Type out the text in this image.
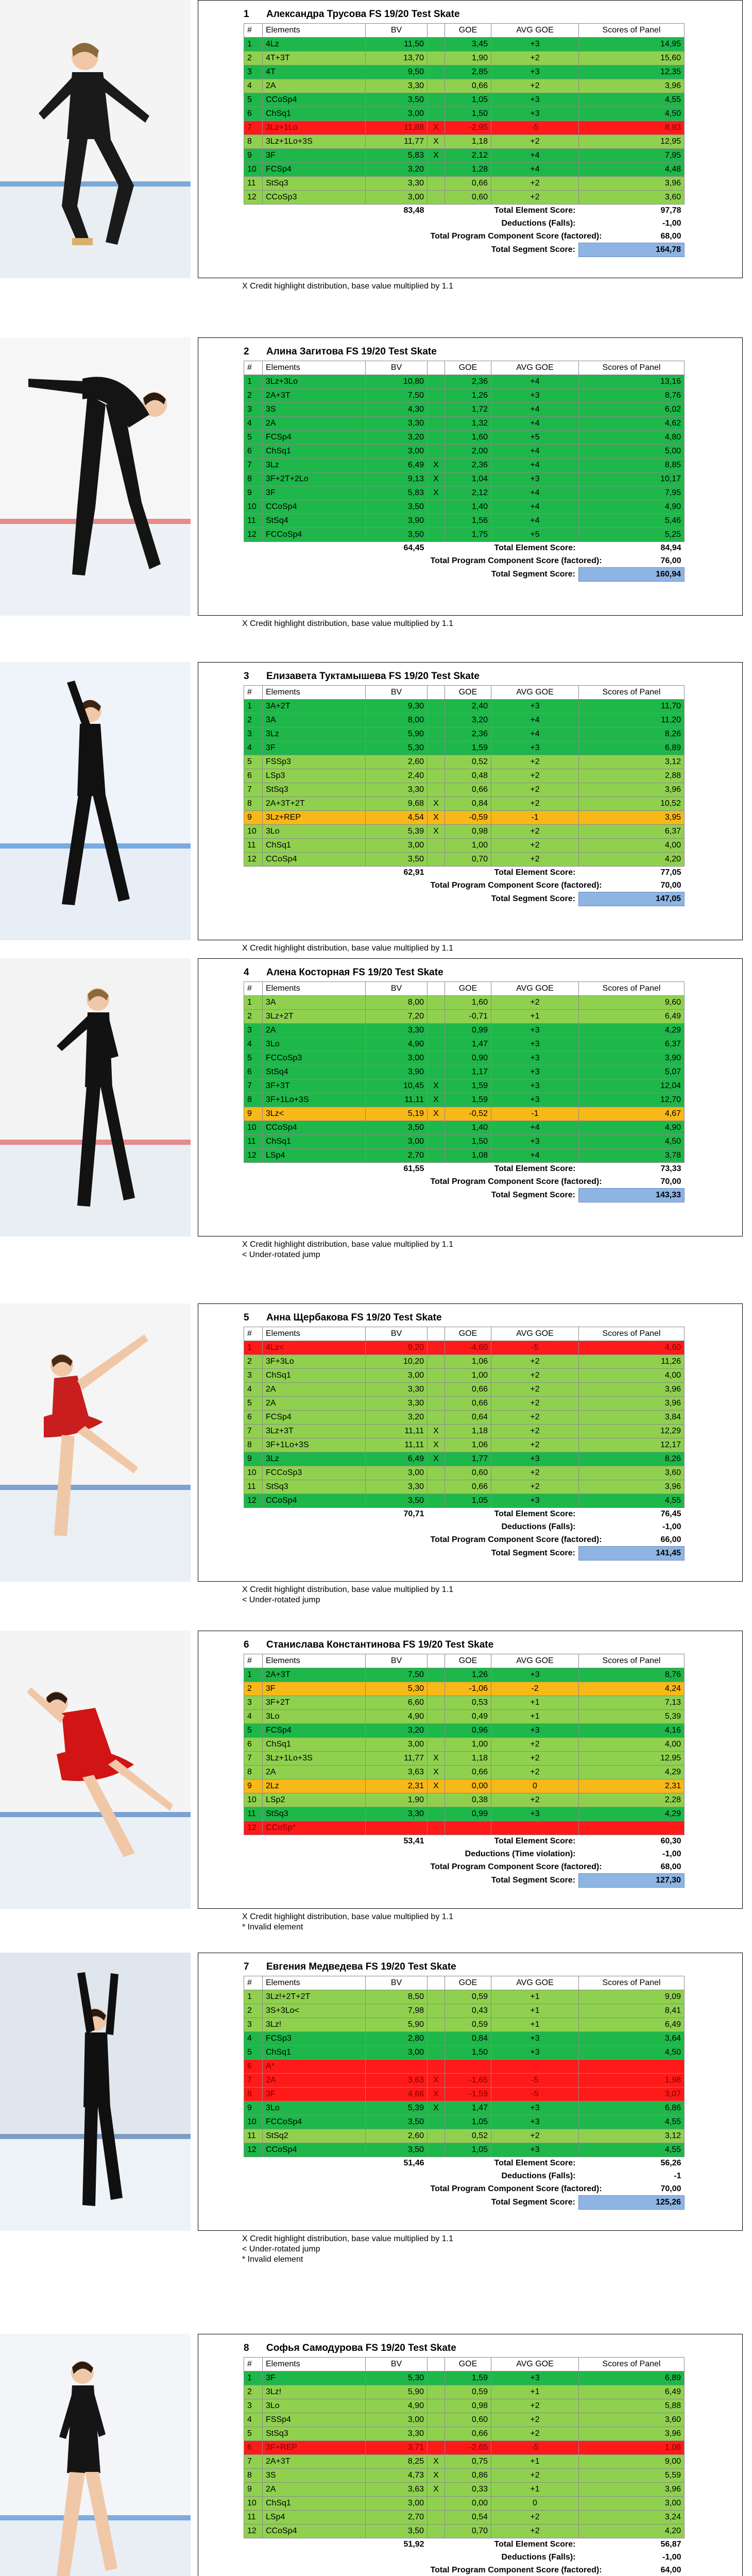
1 Александра Трусова FS 19/20 Test Skate
#	Elements	BV		GOE	AVG GOE	Scores of Panel
1	4Lz	11,50		3,45	+3	14,95
2	4T+3T	13,70		1,90	+2	15,60
3	4T	9,50		2,85	+3	12,35
4	2A	3,30		0,66	+2	3,96
5	CCoSp4	3,50		1,05	+3	4,55
6	ChSq1	3,00		1,50	+3	4,50
7	3Lz+1Lo	11,88	X	-2,95	-5	8,93
8	3Lz+1Lo+3S	11,77	X	1,18	+2	12,95
9	3F	5,83	X	2,12	+4	7,95
10	FCSp4	3,20		1,28	+4	4,48
11	StSq3	3,30		0,66	+2	3,96
12	CCoSp3	3,00		0,60	+2	3,60
		83,48	Total Element Score:			97,78
			Deductions (Falls):			-1,00
			Total Program Component Score (factored):			68,00
			Total Segment Score:			164,78
X Credit highlight distribution, base value multiplied by 1.1
2 Алина Загитова FS 19/20 Test Skate
#	Elements	BV		GOE	AVG GOE	Scores of Panel
1	3Lz+3Lo	10,80		2,36	+4	13,16
2	2A+3T	7,50		1,26	+3	8,76
3	3S	4,30		1,72	+4	6,02
4	2A	3,30		1,32	+4	4,62
5	FCSp4	3,20		1,60	+5	4,80
6	ChSq1	3,00		2,00	+4	5,00
7	3Lz	6,49	X	2,36	+4	8,85
8	3F+2T+2Lo	9,13	X	1,04	+3	10,17
9	3F	5,83	X	2,12	+4	7,95
10	CCoSp4	3,50		1,40	+4	4,90
11	StSq4	3,90		1,56	+4	5,46
12	FCCoSp4	3,50		1,75	+5	5,25
		64,45	Total Element Score:			84,94
			Total Program Component Score (factored):			76,00
			Total Segment Score:			160,94
X Credit highlight distribution, base value multiplied by 1.1
3 Елизавета Туктамышева FS 19/20 Test Skate
#	Elements	BV		GOE	AVG GOE	Scores of Panel
1	3A+2T	9,30		2,40	+3	11,70
2	3A	8,00		3,20	+4	11,20
3	3Lz	5,90		2,36	+4	8,26
4	3F	5,30		1,59	+3	6,89
5	FSSp3	2,60		0,52	+2	3,12
6	LSp3	2,40		0,48	+2	2,88
7	StSq3	3,30		0,66	+2	3,96
8	2A+3T+2T	9,68	X	0,84	+2	10,52
9	3Lz+REP	4,54	X	-0,59	-1	3,95
10	3Lo	5,39	X	0,98	+2	6,37
11	ChSq1	3,00		1,00	+2	4,00
12	CCoSp4	3,50		0,70	+2	4,20
		62,91	Total Element Score:			77,05
			Total Program Component Score (factored):			70,00
			Total Segment Score:			147,05
X Credit highlight distribution, base value multiplied by 1.1
4 Алена Косторная FS 19/20 Test Skate
#	Elements	BV		GOE	AVG GOE	Scores of Panel
1	3A	8,00		1,60	+2	9,60
2	3Lz+2T	7,20		-0,71	+1	6,49
3	2A	3,30		0,99	+3	4,29
4	3Lo	4,90		1,47	+3	6,37
5	FCCoSp3	3,00		0,90	+3	3,90
6	StSq4	3,90		1,17	+3	5,07
7	3F+3T	10,45	X	1,59	+3	12,04
8	3F+1Lo+3S	11,11	X	1,59	+3	12,70
9	3Lz<	5,19	X	-0,52	-1	4,67
10	CCoSp4	3,50		1,40	+4	4,90
11	ChSq1	3,00		1,50	+3	4,50
12	LSp4	2,70		1,08	+4	3,78
		61,55	Total Element Score:			73,33
			Total Program Component Score (factored):			70,00
			Total Segment Score:			143,33
X Credit highlight distribution, base value multiplied by 1.1
< Under-rotated jump
5 Анна Щербакова FS 19/20 Test Skate
#	Elements	BV		GOE	AVG GOE	Scores of Panel
1	4Lz<	9,20		-4,60	-5	4,60
2	3F+3Lo	10,20		1,06	+2	11,26
3	ChSq1	3,00		1,00	+2	4,00
4	2A	3,30		0,66	+2	3,96
5	2A	3,30		0,66	+2	3,96
6	FCSp4	3,20		0,64	+2	3,84
7	3Lz+3T	11,11	X	1,18	+2	12,29
8	3F+1Lo+3S	11,11	X	1,06	+2	12,17
9	3Lz	6,49	X	1,77	+3	8,26
10	FCCoSp3	3,00		0,60	+2	3,60
11	StSq3	3,30		0,66	+2	3,96
12	CCoSp4	3,50		1,05	+3	4,55
		70,71	Total Element Score:			76,45
			Deductions (Falls):			-1,00
			Total Program Component Score (factored):			66,00
			Total Segment Score:			141,45
X Credit highlight distribution, base value multiplied by 1.1
< Under-rotated jump
6 Станислава Константинова FS 19/20 Test Skate
#	Elements	BV		GOE	AVG GOE	Scores of Panel
1	2A+3T	7,50		1,26	+3	8,76
2	3F	5,30		-1,06	-2	4,24
3	3F+2T	6,60		0,53	+1	7,13
4	3Lo	4,90		0,49	+1	5,39
5	FCSp4	3,20		0,96	+3	4,16
6	ChSq1	3,00		1,00	+2	4,00
7	3Lz+1Lo+3S	11,77	X	1,18	+2	12,95
8	2A	3,63	X	0,66	+2	4,29
9	2Lz	2,31	X	0,00	0	2,31
10	LSp2	1,90		0,38	+2	2,28
11	StSq3	3,30		0,99	+3	4,29
12	CCoSp*					
		53,41	Total Element Score:			60,30
			Deductions (Time violation):			-1,00
			Total Program Component Score (factored):			68,00
			Total Segment Score:			127,30
X Credit highlight distribution, base value multiplied by 1.1
* Invalid element
7 Евгения Медведева FS 19/20 Test Skate
#	Elements	BV		GOE	AVG GOE	Scores of Panel
1	3Lz!+2T+2T	8,50		0,59	+1	9,09
2	3S+3Lo<	7,98		0,43	+1	8,41
3	3Lz!	5,90		0,59	+1	6,49
4	FCSp3	2,80		0,84	+3	3,64
5	ChSq1	3,00		1,50	+3	4,50
6	A*					
7	2A	3,63	X	-1,65	-5	1,98
8	3F	4,66	X	-1,59	-5	3,07
9	3Lo	5,39	X	1,47	+3	6,86
10	FCCoSp4	3,50		1,05	+3	4,55
11	StSq2	2,60		0,52	+2	3,12
12	CCoSp4	3,50		1,05	+3	4,55
		51,46	Total Element Score:			56,26
			Deductions (Falls):			-1
			Total Program Component Score (factored):			70,00
			Total Segment Score:			125,26
X Credit highlight distribution, base value multiplied by 1.1
< Under-rotated jump
* Invalid element
8 Софья Самодурова FS 19/20 Test Skate
#	Elements	BV		GOE	AVG GOE	Scores of Panel
1	3F	5,30		1,59	+3	6,89
2	3Lz!	5,90		0,59	+1	6,49
3	3Lo	4,90		0,98	+2	5,88
4	FSSp4	3,00		0,60	+2	3,60
5	StSq3	3,30		0,66	+2	3,96
6	3F+REP	3,71		-2,65	-5	1,06
7	2A+3T	8,25	X	0,75	+1	9,00
8	3S	4,73	X	0,86	+2	5,59
9	2A	3,63	X	0,33	+1	3,96
10	ChSq1	3,00		0,00	0	3,00
11	LSp4	2,70		0,54	+2	3,24
12	CCoSp4	3,50		0,70	+2	4,20
		51,92	Total Element Score:			56,87
			Deductions (Falls):			-1,00
			Total Program Component Score (factored):			64,00
